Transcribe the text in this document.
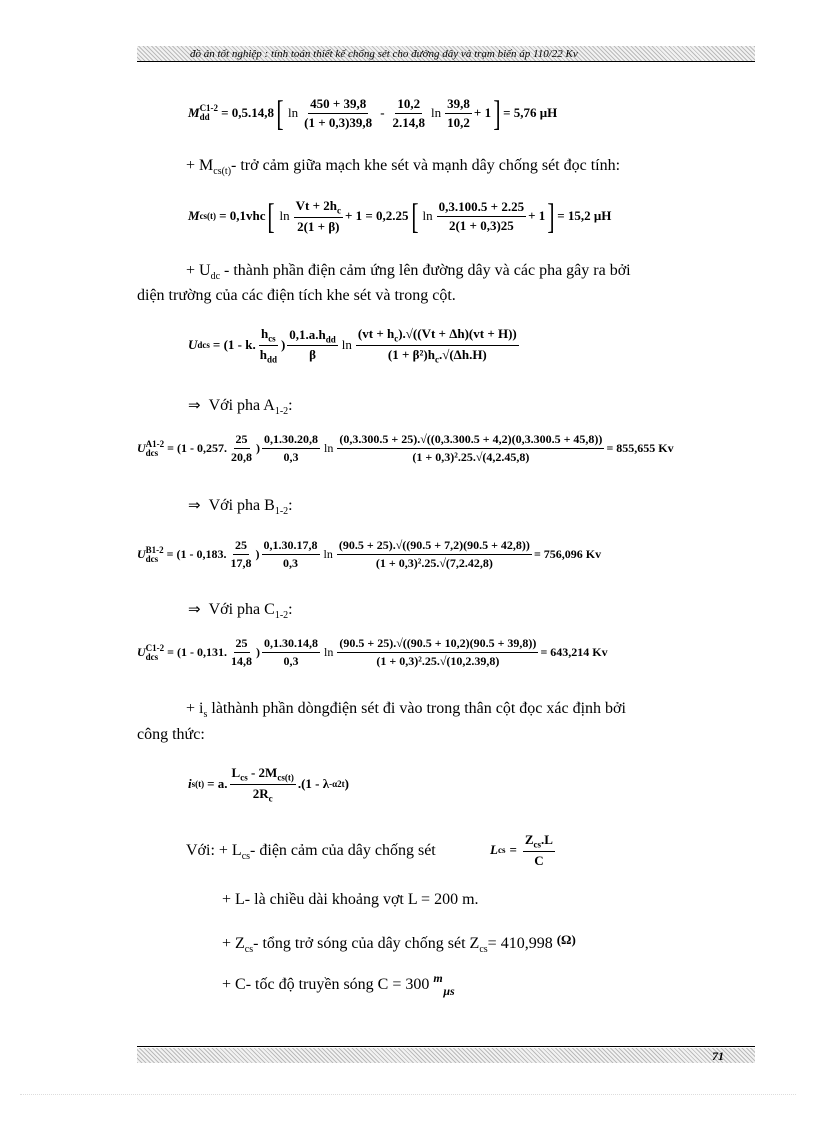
đồ án tốt nghiệp : tính toán thiết kế chống sét cho đường dây và trạm biến áp 110/22 Kv
M C1-2
dd = 0,5.14,8 [ $\ln \frac{450 + 39,8}{(1 + 0,3)39,8} - \frac{10,2}{2.14,8}$ $\ln \frac{39,8}{10,2} + 1$ ] = 5,76 μH
+ $M_{cs(t)}-$ trở cảm giữa mạch khe sét và mạnh dây chống sét đọc tính:
M cs(t) = 0,1vhc [ $\ln \frac{Vt + 2h_c}{2(1 + \beta)} + 1 = 0,2.25$ [ $\ln \frac{0,3.100.5 + 2.25}{2(1 + 0,3)25} + 1$ ] = 15,2 μH
+ $U_{dc}$ - thành phần điện cảm ứng lên đường dây và các pha gây ra bởi
diện trường của các điện tích khe sét và trong cột.
U dcs = (1 - k. $\frac{h_{cs}}{h_{dd}}$ ) $\frac{0,1.a.h_{dd}}{\beta}$ $\ln \frac{(vt + h_c).√((Vt + \Delta h)(vt + H))}{(1 + \beta^2)h_c.√(\Delta h.H)}$
⇒ Với pha $A_{1-2}$:
U A1-2
dcs = (1 - 0,257. $\frac{25}{20,8}$ ) $\frac{0,1.30.20,8}{0,3}$ $\ln \frac{(0,3.300.5 + 25).√((0,3.300.5 + 4,2)(0,3.300.5 + 45,8))}{\text{(1 + 0,3)².25.√(4,2.45,8)}} = 855,655$ Kv
⇒ Với pha $B_{1-2}$:
U B1-2
dcs = (1 - 0,183. $\frac{25}{17,8}$ ) $\frac{0,1.30.17,8}{0,3}$ $\ln \frac{(90.5 + 25).√((90.5 + 7,2)(90.5 + 42,8))}{\text{(1 + 0,3)².25.√(7,2.42,8)}} = 756,096$ Kv
⇒ Với pha $C_{1-2}$:
U C1-2
dcs = (1 - 0,131. $\frac{25}{14,8}$ ) $\frac{0,1.30.14,8}{0,3}$ $\ln \frac{(90.5 + 25).√((90.5 + 10,2)(90.5 + 39,8))}{\text{(1 + 0,3)².25.√(10,2.39,8)}} = 643,214$ Kv
+ $i_s$ làthành phần dòngđiện sét đi vào trong thân cột đọc xác định bởi
công thức:
i s(t) = a. $\frac{L_{cs} - 2M_{cs(t)}}{2R_c} .(1$ - λ -α2t )
Với: + $L_{cs}-$ điện cảm của dây chống sét	L cs = $\frac{Z_{cs}.L}{C}$
+ L- là chiều dài khoảng vợt L = 200 m.
+ $Z_{cs}-$ tổng trở sóng của dây chống sét $Z_{cs}= 410,998$ $^{(\Omega)}$
+ C- tốc độ truyền sóng C = 300
m
μs
71
